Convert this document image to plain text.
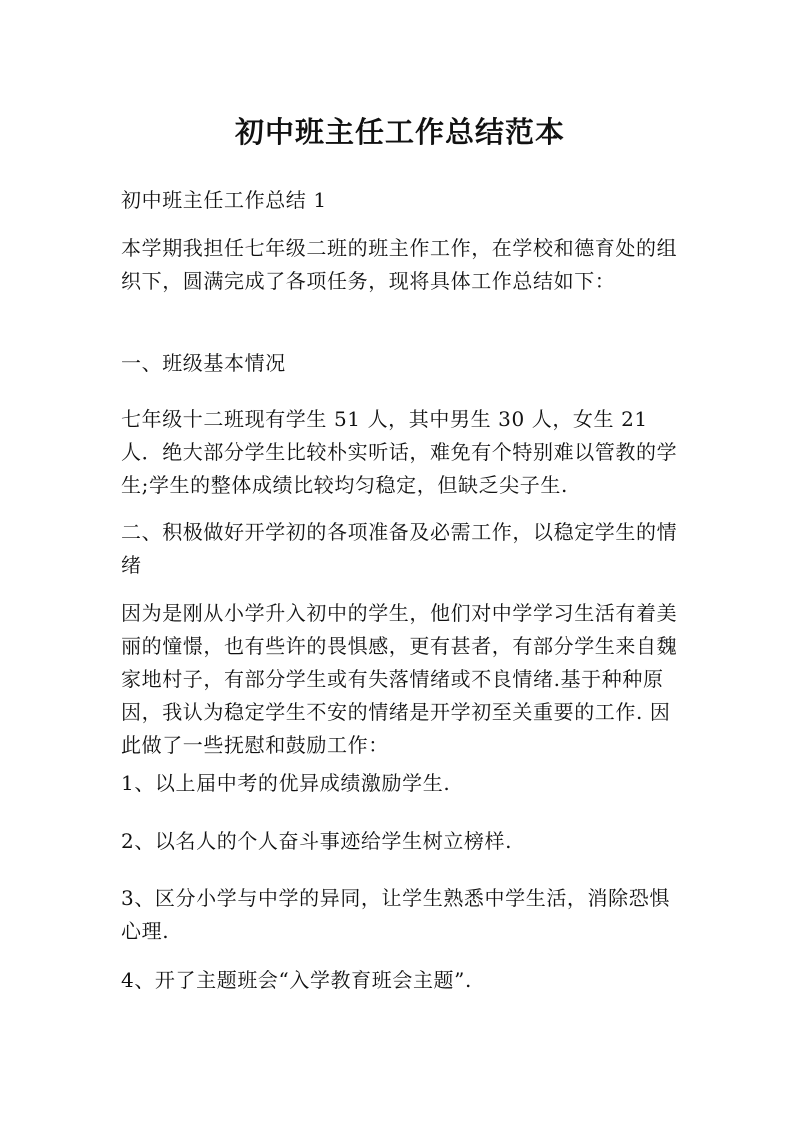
初中班主任工作总结范本

初中班主任工作总结 1

本学期我担任七年级二班的班主作工作，在学校和德育处的组织下，圆满完成了各项任务，现将具体工作总结如下：

一、班级基本情况

七年级十二班现有学生 51 人，其中男生 30 人，女生 21 人．绝大部分学生比较朴实听话，难免有个特别难以管教的学生;学生的整体成绩比较均匀稳定，但缺乏尖子生.

二、积极做好开学初的各项准备及必需工作，以稳定学生的情绪

因为是刚从小学升入初中的学生，他们对中学学习生活有着美丽的憧憬，也有些许的畏惧感，更有甚者，有部分学生来自魏家地村子，有部分学生或有失落情绪或不良情绪.基于种种原因，我认为稳定学生不安的情绪是开学初至关重要的工作. 因此做了一些抚慰和鼓励工作：

1、以上届中考的优异成绩激励学生.

2、以名人的个人奋斗事迹给学生树立榜样.

3、区分小学与中学的异同，让学生熟悉中学生活，消除恐惧心理.

4、开了主题班会“入学教育班会主题”.
